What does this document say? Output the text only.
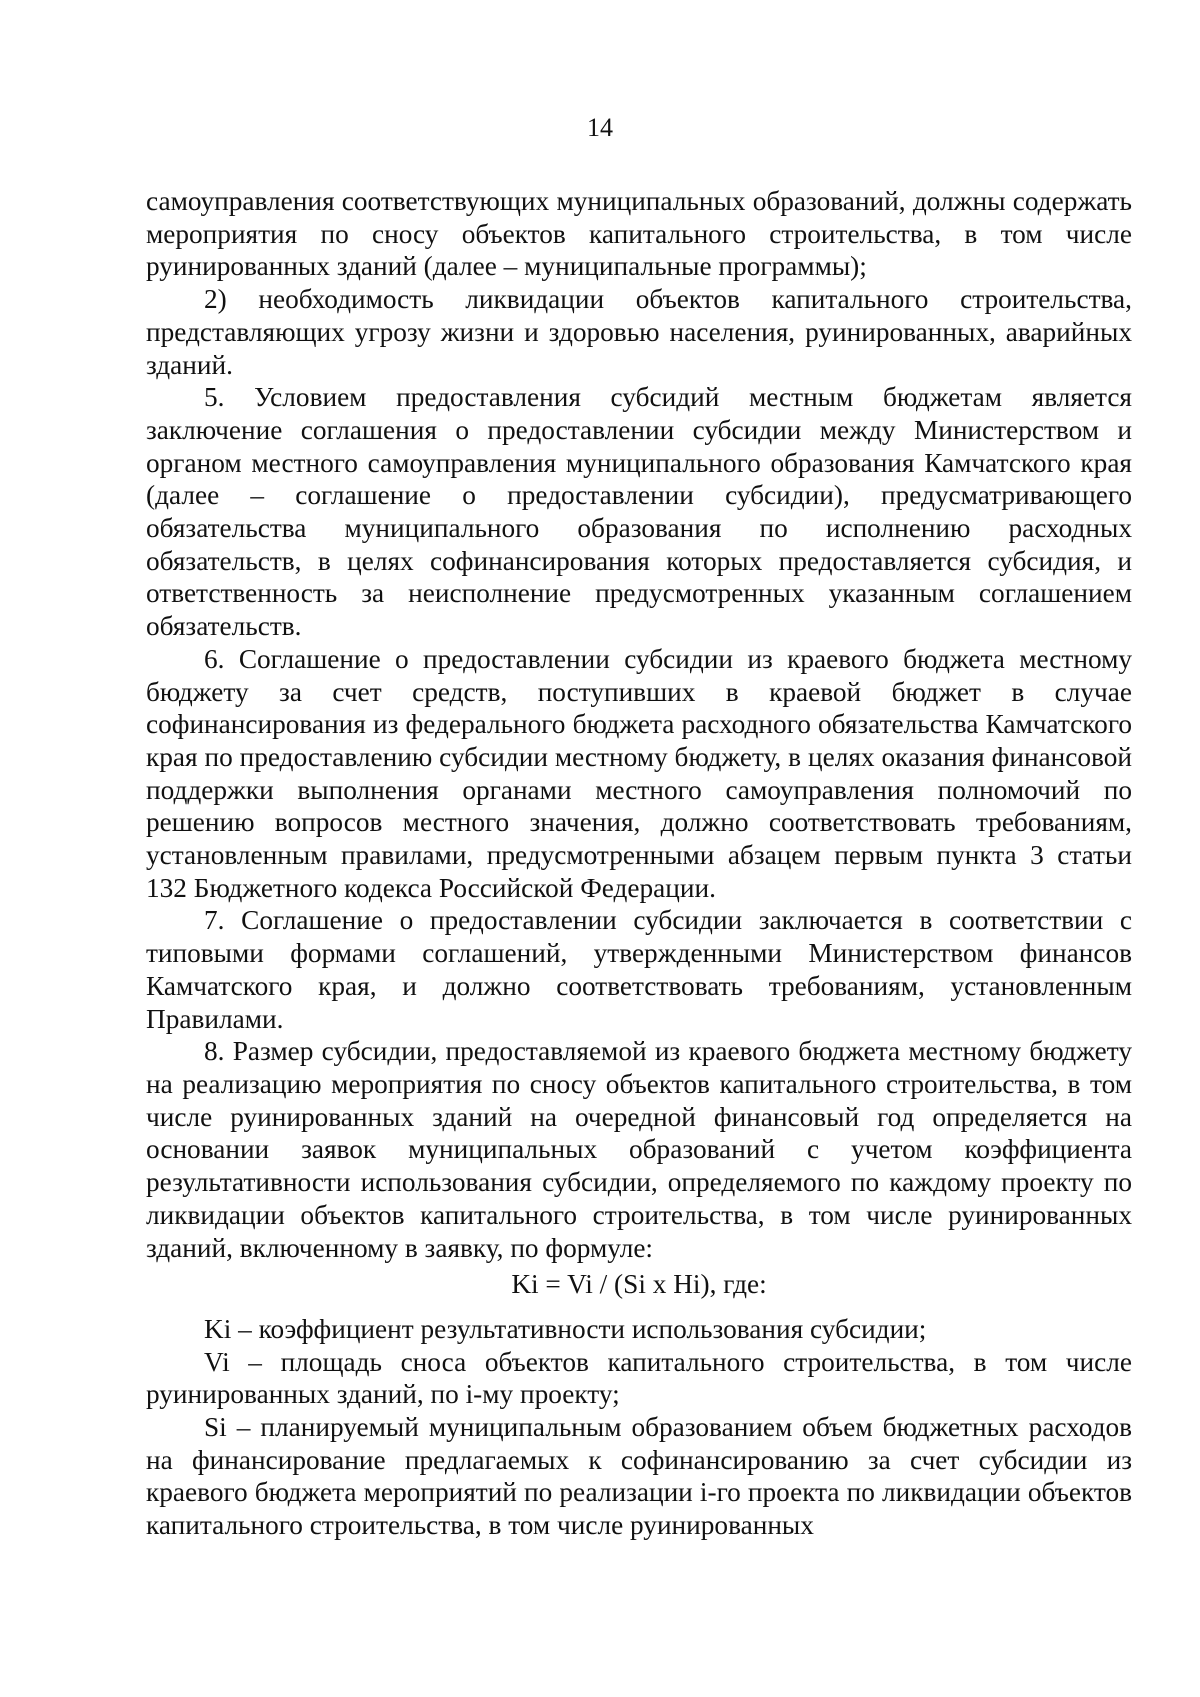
14

самоуправления соответствующих муниципальных образований, должны содержать мероприятия по сносу объектов капитального строительства, в том числе руинированных зданий (далее – муниципальные программы);

2) необходимость ликвидации объектов капитального строительства, представляющих угрозу жизни и здоровью населения, руинированных, аварийных зданий.

5. Условием предоставления субсидий местным бюджетам является заключение соглашения о предоставлении субсидии между Министерством и органом местного самоуправления муниципального образования Камчатского края (далее – соглашение о предоставлении субсидии), предусматривающего обязательства муниципального образования по исполнению расходных обязательств, в целях софинансирования которых предоставляется субсидия, и ответственность за неисполнение предусмотренных указанным соглашением обязательств.

6. Соглашение о предоставлении субсидии из краевого бюджета местному бюджету за счет средств, поступивших в краевой бюджет в случае софинансирования из федерального бюджета расходного обязательства Камчатского края по предоставлению субсидии местному бюджету, в целях оказания финансовой поддержки выполнения органами местного самоуправления полномочий по решению вопросов местного значения, должно соответствовать требованиям, установленным правилами, предусмотренными абзацем первым пункта 3 статьи 132 Бюджетного кодекса Российской Федерации.

7. Соглашение о предоставлении субсидии заключается в соответствии с типовыми формами соглашений, утвержденными Министерством финансов Камчатского края, и должно соответствовать требованиям, установленным Правилами.

8. Размер субсидии, предоставляемой из краевого бюджета местному бюджету на реализацию мероприятия по сносу объектов капитального строительства, в том числе руинированных зданий на очередной финансовый год определяется на основании заявок муниципальных образований с учетом коэффициента результативности использования субсидии, определяемого по каждому проекту по ликвидации объектов капитального строительства, в том числе руинированных зданий, включенному в заявку, по формуле:

Ki = Vi / (Si x Hi), где:

Ki – коэффициент результативности использования субсидии;

Vi – площадь сноса объектов капитального строительства, в том числе руинированных зданий, по i-му проекту;

Si – планируемый муниципальным образованием объем бюджетных расходов на финансирование предлагаемых к софинансированию за счет субсидии из краевого бюджета мероприятий по реализации i-го проекта по ликвидации объектов капитального строительства, в том числе руинированных
